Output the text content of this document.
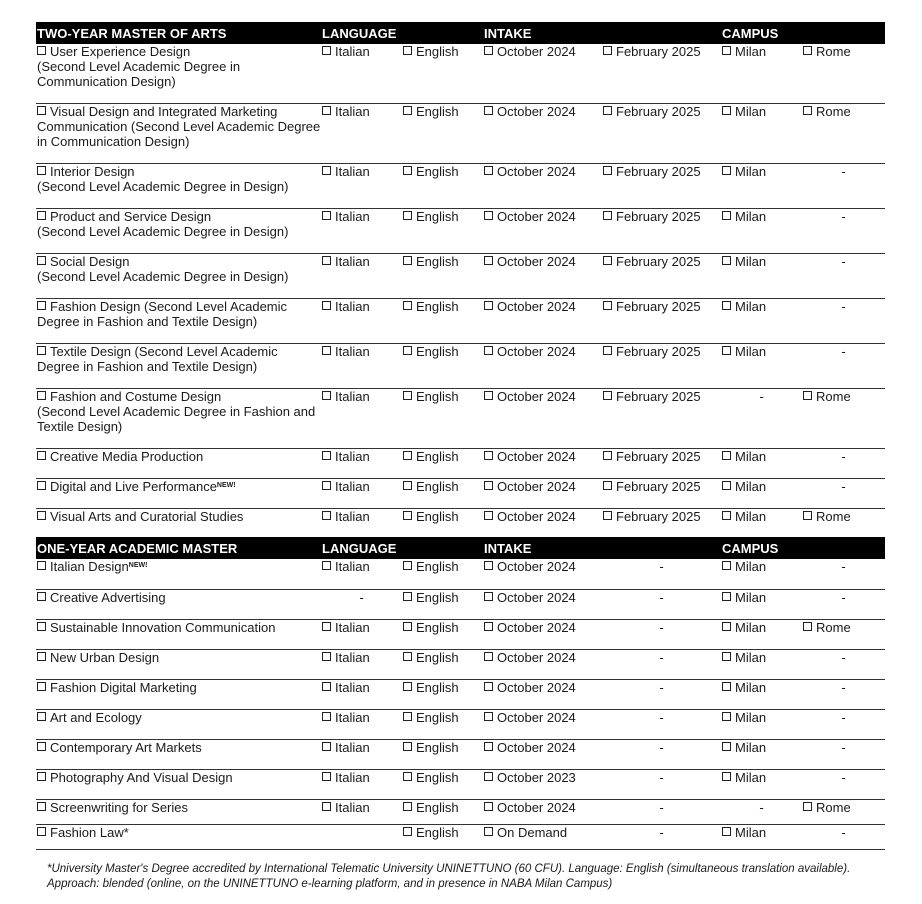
TWO-YEAR MASTER OF ARTS	LANGUAGE		INTAKE		CAMPUS	

User Experience Design
(Second Level Academic Degree in
Communication Design)	Italian	English	October 2024	February 2025	Milan	Rome

Visual Design and Integrated Marketing
Communication (Second Level Academic Degree
in Communication Design)	Italian	English	October 2024	February 2025	Milan	Rome

Interior Design
(Second Level Academic Degree in Design)	Italian	English	October 2024	February 2025	Milan	-

Product and Service Design
(Second Level Academic Degree in Design)	Italian	English	October 2024	February 2025	Milan	-

Social Design
(Second Level Academic Degree in Design)	Italian	English	October 2024	February 2025	Milan	-

Fashion Design (Second Level Academic
Degree in Fashion and Textile Design)	Italian	English	October 2024	February 2025	Milan	-

Textile Design (Second Level Academic
Degree in Fashion and Textile Design)	Italian	English	October 2024	February 2025	Milan	-

Fashion and Costume Design
(Second Level Academic Degree in Fashion and
Textile Design)	Italian	English	October 2024	February 2025	-	Rome

Creative Media Production	Italian	English	October 2024	February 2025	Milan	-

Digital and Live Performance$^{NEW!}$	Italian	English	October 2024	February 2025	Milan	-

Visual Arts and Curatorial Studies	Italian	English	October 2024	February 2025	Milan	Rome
ONE-YEAR ACADEMIC MASTER	LANGUAGE		INTAKE		CAMPUS	

Italian Design$^{NEW!}$	Italian	English	October 2024	-	Milan	-

Creative Advertising	-	English	October 2024	-	Milan	-

Sustainable Innovation Communication	Italian	English	October 2024	-	Milan	Rome

New Urban Design	Italian	English	October 2024	-	Milan	-

Fashion Digital Marketing	Italian	English	October 2024	-	Milan	-

Art and Ecology	Italian	English	October 2024	-	Milan	-

Contemporary Art Markets	Italian	English	October 2024	-	Milan	-

Photography And Visual Design	Italian	English	October 2023	-	Milan	-

Screenwriting for Series	Italian	English	October 2024	-	-	Rome

Fashion Law*		English	On Demand	-	Milan	-
*University Master's Degree accredited by International Telematic University UNINETTUNO (60 CFU). Language: English (simultaneous translation available).
Approach: blended (online, on the UNINETTUNO e-learning platform, and in presence in NABA Milan Campus)
